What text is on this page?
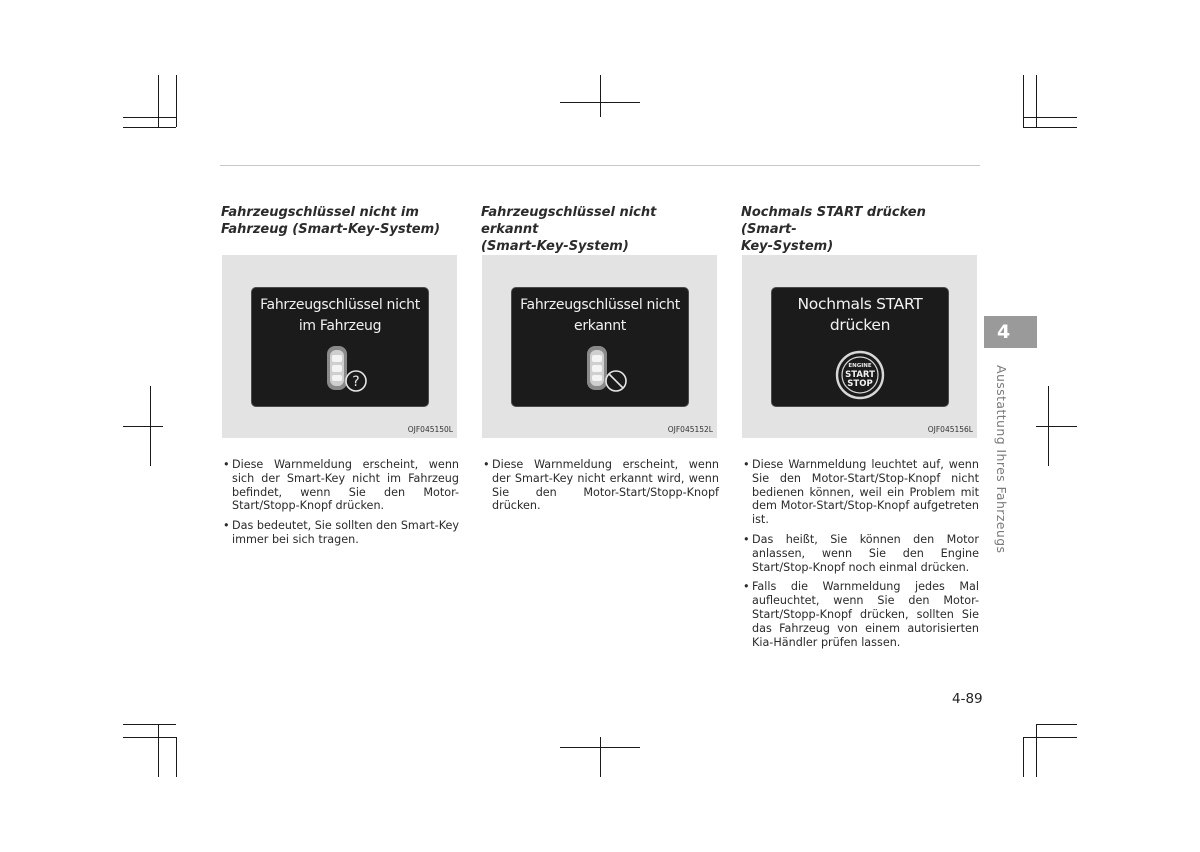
Fahrzeugschlüssel nicht im
Fahrzeug (Smart-Key-System)
Fahrzeugschlüssel nicht
im Fahrzeug
?
OJF045150L
• Diese Warnmeldung erscheint, wenn sich der Smart-Key nicht im Fahrzeug befindet, wenn Sie den Motor-Start/Stopp-Knopf drücken.
• Das bedeutet, Sie sollten den Smart-Key immer bei sich tragen.
Fahrzeugschlüssel nicht erkannt
(Smart-Key-System)
Fahrzeugschlüssel nicht
erkannt
OJF045152L
• Diese Warnmeldung erscheint, wenn der Smart-Key nicht erkannt wird, wenn Sie den Motor-Start/Stopp-Knopf drücken.
Nochmals START drücken (Smart-
Key-System)
Nochmals START
drücken
ENGINE
START
STOP
OJF045156L
• Diese Warnmeldung leuchtet auf, wenn Sie den Motor-Start/Stop-Knopf nicht bedienen können, weil ein Problem mit dem Motor-Start/Stop-Knopf aufgetreten ist.
• Das heißt, Sie können den Motor anlassen, wenn Sie den Engine Start/Stop-Knopf noch einmal drücken.
• Falls die Warnmeldung jedes Mal aufleuchtet, wenn Sie den Motor-Start/Stopp-Knopf drücken, sollten Sie das Fahrzeug von einem autorisierten Kia-Händler prüfen lassen.
4
Ausstattung Ihres Fahrzeugs
4-89
